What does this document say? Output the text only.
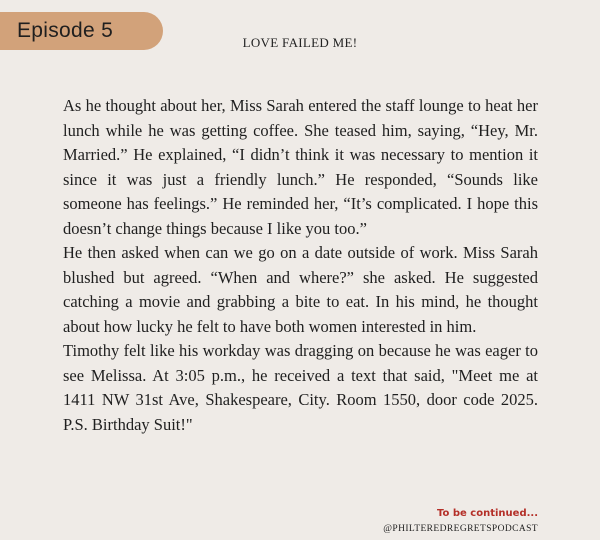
Episode 5
LOVE FAILED ME!

As he thought about her, Miss Sarah entered the staff lounge to heat her lunch while he was getting coffee. She teased him, saying, “Hey, Mr. Married.” He explained, “I didn’t think it was necessary to mention it since it was just a friendly lunch.” He responded, “Sounds like someone has feelings.” He reminded her, “It’s complicated. I hope this doesn’t change things because I like you too.”

He then asked when can we go on a date outside of work. Miss Sarah blushed but agreed. “When and where?” she asked. He suggested catching a movie and grabbing a bite to eat. In his mind, he thought about how lucky he felt to have both women interested in him.

Timothy felt like his workday was dragging on because he was eager to see Melissa. At 3:05 p.m., he received a text that said, "Meet me at 1411 NW 31st Ave, Shakespeare, City. Room 1550, door code 2025. P.S. Birthday Suit!"

To be continued...
@PHILTEREDREGRETSPODCAST
